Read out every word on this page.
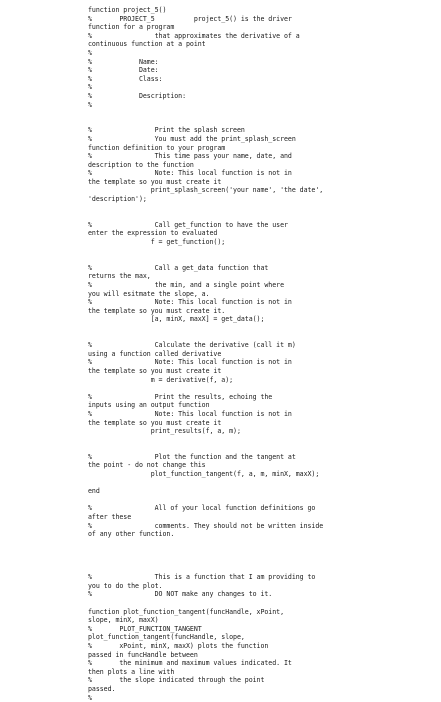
function project_5()
%       PROJECT_5          project_5() is the driver
function for a program
%                that approximates the derivative of a
continuous function at a point
%
%            Name:
%            Date:
%            Class:
%
%            Description:
%
%                Print the splash screen
%                You must add the print_splash_screen
function definition to your program
%                This time pass your name, date, and
description to the function
%                Note: This local function is not in
the template so you must create it
print_splash_screen('your name', 'the date',
'description');
%                Call get_function to have the user
enter the expression to evaluated
f = get_function();
%                Call a get_data function that
returns the max,
%                the min, and a single point where
you will esitmate the slope, a.
%                Note: This local function is not in
the template so you must create it.
[a, minX, maxX] = get_data();
%                Calculate the derivative (call it m)
using a function called derivative
%                Note: This local function is not in
the template so you must create it
m = derivative(f, a);
%                Print the results, echoing the
inputs using an output function
%                Note: This local function is not in
the template so you must create it
print_results(f, a, m);
%                Plot the function and the tangent at
the point - do not change this
plot_function_tangent(f, a, m, minX, maxX);
end
%                All of your local function definitions go
after these
%                comments. They should not be written inside
of any other function.
%                This is a function that I am providing to
you to do the plot.
%                DO NOT make any changes to it.
function plot_function_tangent(funcHandle, xPoint,
slope, minX, maxX)
%       PLOT_FUNCTION_TANGENT
plot_function_tangent(funcHandle, slope,
%       xPoint, minX, maxX) plots the function
passed in funcHandle between
%       the minimum and maximum values indicated. It
then plots a line with
%       the slope indicated through the point
passed.
%
